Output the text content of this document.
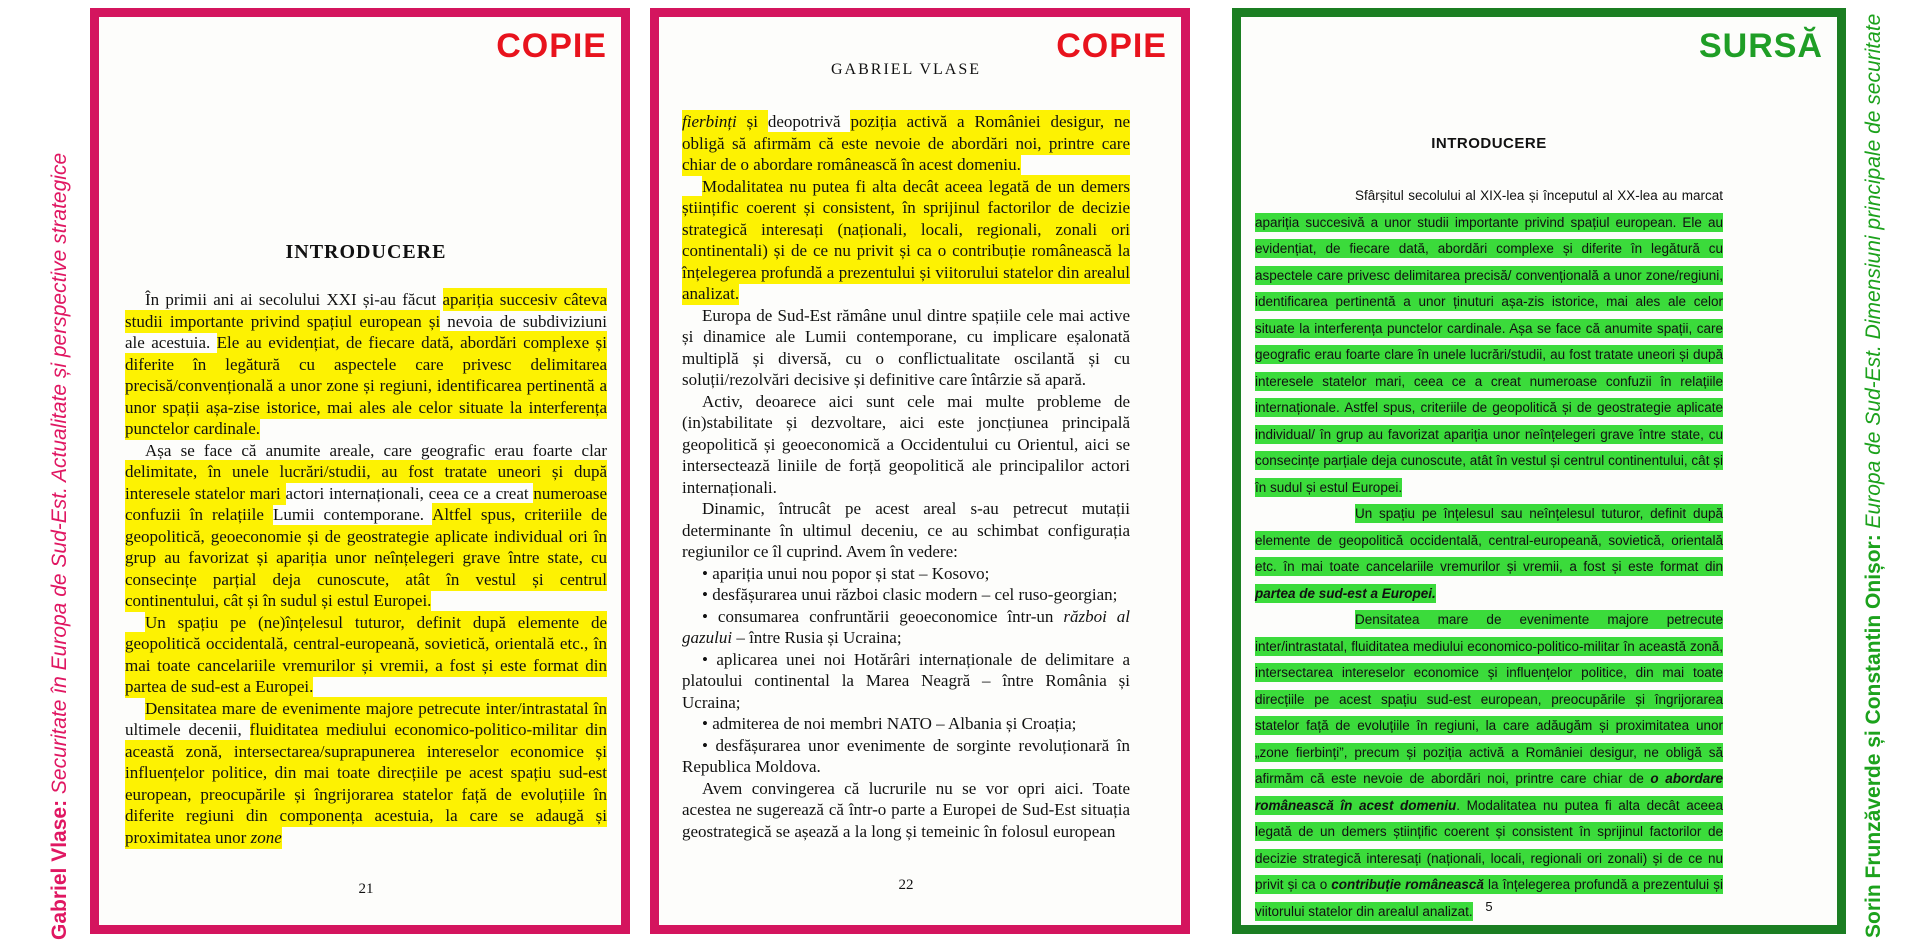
Gabriel Vlase: Securitate în Europa de Sud-Est. Actualitate și perspective strategice
COPIE
INTRODUCERE

În primii ani ai secolului XXI și-au făcut apariția succesiv câteva studii importante privind spațiul european și nevoia de subdiviziuni ale acestuia. Ele au evidențiat, de fiecare dată, abordări complexe și diferite în legătură cu aspectele care privesc delimitarea precisă/convențională a unor zone și regiuni, identificarea pertinentă a unor spații așa-zise istorice, mai ales ale celor situate la interferența punctelor cardinale.

Așa se face că anumite areale, care geografic erau foarte clar delimitate, în unele lucrări/studii, au fost tratate uneori și după interesele statelor mari actori internaționali, ceea ce a creat numeroase confuzii în relațiile Lumii contemporane. Altfel spus, criteriile de geopolitică, geoeconomie și de geostrategie aplicate individual ori în grup au favorizat și apariția unor neînțelegeri grave între state, cu consecințe parțial deja cunoscute, atât în vestul și centrul continentului, cât și în sudul și estul Europei.

Un spațiu pe (ne)înțelesul tuturor, definit după elemente de geopolitică occidentală, central-europeană, sovietică, orientală etc., în mai toate cancelariile vremurilor și vremii, a fost și este format din partea de sud-est a Europei.

Densitatea mare de evenimente majore petrecute inter/intrastatal în ultimele decenii, fluiditatea mediului economico-politico-militar din această zonă, intersectarea/suprapunerea intereselor economice și influențelor politice, din mai toate direcțiile pe acest spațiu sud-est european, preocupările și îngrijorarea statelor față de evoluțiile în diferite regiuni din componența acestuia, la care se adaugă și proximitatea unor zone

21
COPIE
GABRIEL VLASE

fierbinți și deopotrivă poziția activă a României desigur, ne obligă să afirmăm că este nevoie de abordări noi, printre care chiar de o abordare românească în acest domeniu.

Modalitatea nu putea fi alta decât aceea legată de un demers științific coerent și consistent, în sprijinul factorilor de decizie strategică interesați (naționali, locali, regionali, zonali ori continentali) și de ce nu privit și ca o contribuție românească la înțelegerea profundă a prezentului și viitorului statelor din arealul analizat.

Europa de Sud-Est rămâne unul dintre spațiile cele mai active și dinamice ale Lumii contemporane, cu implicare eșalonată multiplă și diversă, cu o conflictualitate oscilantă și cu soluții/rezolvări decisive și definitive care întârzie să apară.

Activ, deoarece aici sunt cele mai multe probleme de (in)stabilitate și dezvoltare, aici este joncțiunea principală geopolitică și geoeconomică a Occidentului cu Orientul, aici se intersectează liniile de forță geopolitică ale principalilor actori internaționali.

Dinamic, întrucât pe acest areal s-au petrecut mutații determinante în ultimul deceniu, ce au schimbat configurația regiunilor ce îl cuprind. Avem în vedere:

• apariția unui nou popor și stat – Kosovo;

• desfășurarea unui război clasic modern – cel ruso-georgian;

• consumarea confruntării geoeconomice într-un război al gazului – între Rusia și Ucraina;

• aplicarea unei noi Hotărâri internaționale de delimitare a platoului continental la Marea Neagră – între România și Ucraina;

• admiterea de noi membri NATO – Albania și Croația;

• desfășurarea unor evenimente de sorginte revoluționară în Republica Moldova.

Avem convingerea că lucrurile nu se vor opri aici. Toate acestea ne sugerează că într-o parte a Europei de Sud-Est situația geostrategică se așează a la long și temeinic în folosul european

22
SURSĂ
INTRODUCERE

Sfârșitul secolului al XIX-lea și începutul al XX-lea au marcat apariția succesivă a unor studii importante privind spațiul european. Ele au evidențiat, de fiecare dată, abordări complexe și diferite în legătură cu aspectele care privesc delimitarea precisă/ convențională a unor zone/regiuni, identificarea pertinentă a unor ținuturi așa-zis istorice, mai ales ale celor situate la interferența punctelor cardinale. Așa se face că anumite spații, care geografic erau foarte clare în unele lucrări/studii, au fost tratate uneori și după interesele statelor mari, ceea ce a creat numeroase confuzii în relațiile internaționale. Astfel spus, criteriile de geopolitică și de geostrategie aplicate individual/ în grup au favorizat apariția unor neînțelegeri grave între state, cu consecințe parțiale deja cunoscute, atât în vestul și centrul continentului, cât și în sudul și estul Europei.

Un spațiu pe înțelesul sau neînțelesul tuturor, definit după elemente de geopolitică occidentală, central-europeană, sovietică, orientală etc. în mai toate cancelariile vremurilor și vremii, a fost și este format din partea de sud-est a Europei.

Densitatea mare de evenimente majore petrecute inter/intrastatal, fluiditatea mediului economico-politico-militar în această zonă, intersectarea intereselor economice și influențelor politice, din mai toate direcțiile pe acest spațiu sud-est european, preocupările și îngrijorarea statelor față de evoluțiile în regiuni, la care adăugăm și proximitatea unor „zone fierbinți”, precum și poziția activă a României desigur, ne obligă să afirmăm că este nevoie de abordări noi, printre care chiar de o abordare românească în acest domeniu. Modalitatea nu putea fi alta decât aceea legată de un demers științific coerent și consistent în sprijinul factorilor de decizie strategică interesați (naționali, locali, regionali ori zonali) și de ce nu privit și ca o contribuție românească la înțelegerea profundă a prezentului și viitorului statelor din arealul analizat. 5	Sorin Frunzăverde și Constantin Onișor: Europa de Sud-Est. Dimensiuni principale de securitate
